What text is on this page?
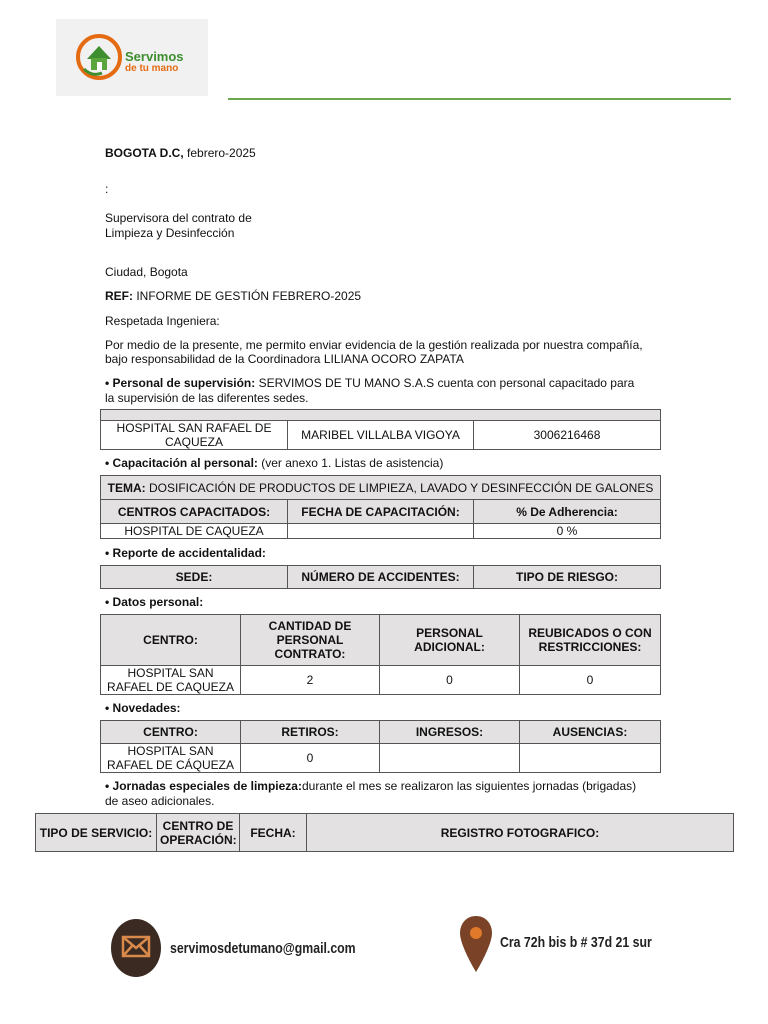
Servimos
de tu mano
BOGOTA D.C, febrero-2025
:
Supervisora del contrato de
Limpieza y Desinfección
Ciudad, Bogota
REF: INFORME DE GESTIÓN FEBRERO-2025
Respetada Ingeniera:
Por medio de la presente, me permito enviar evidencia de la gestión realizada por nuestra compañía,
bajo responsabilidad de la Coordinadora LILIANA OCORO ZAPATA
• Personal de supervisión: SERVIMOS DE TU MANO S.A.S cuenta con personal capacitado para
la supervisión de las diferentes sedes.

HOSPITAL SAN RAFAEL DE CAQUEZA	MARIBEL VILLALBA VIGOYA	3006216468
• Capacitación al personal: (ver anexo 1. Listas de asistencia)
TEMA: DOSIFICACIÓN DE PRODUCTOS DE LIMPIEZA, LAVADO Y DESINFECCIÓN DE GALONES		
CENTROS CAPACITADOS:	FECHA DE CAPACITACIÓN:	% De Adherencia:
HOSPITAL DE CAQUEZA		0 %
• Reporte de accidentalidad:
SEDE:	NÚMERO DE ACCIDENTES:	TIPO DE RIESGO:
• Datos personal:
CENTRO:	CANTIDAD DE PERSONAL CONTRATO:	PERSONAL ADICIONAL:	REUBICADOS O CON RESTRICCIONES:
HOSPITAL SAN RAFAEL DE CAQUEZA	2	0	0
• Novedades:
CENTRO:	RETIROS:	INGRESOS:	AUSENCIAS:
HOSPITAL SAN RAFAEL DE CÁQUEZA	0		
• Jornadas especiales de limpieza:durante el mes se realizaron las siguientes jornadas (brigadas)
de aseo adicionales.
TIPO DE SERVICIO:	CENTRO DE OPERACIÓN:	FECHA:	REGISTRO FOTOGRAFICO:
servimosdetumano@gmail.com	Cra 72h bis b # 37d 21 sur
